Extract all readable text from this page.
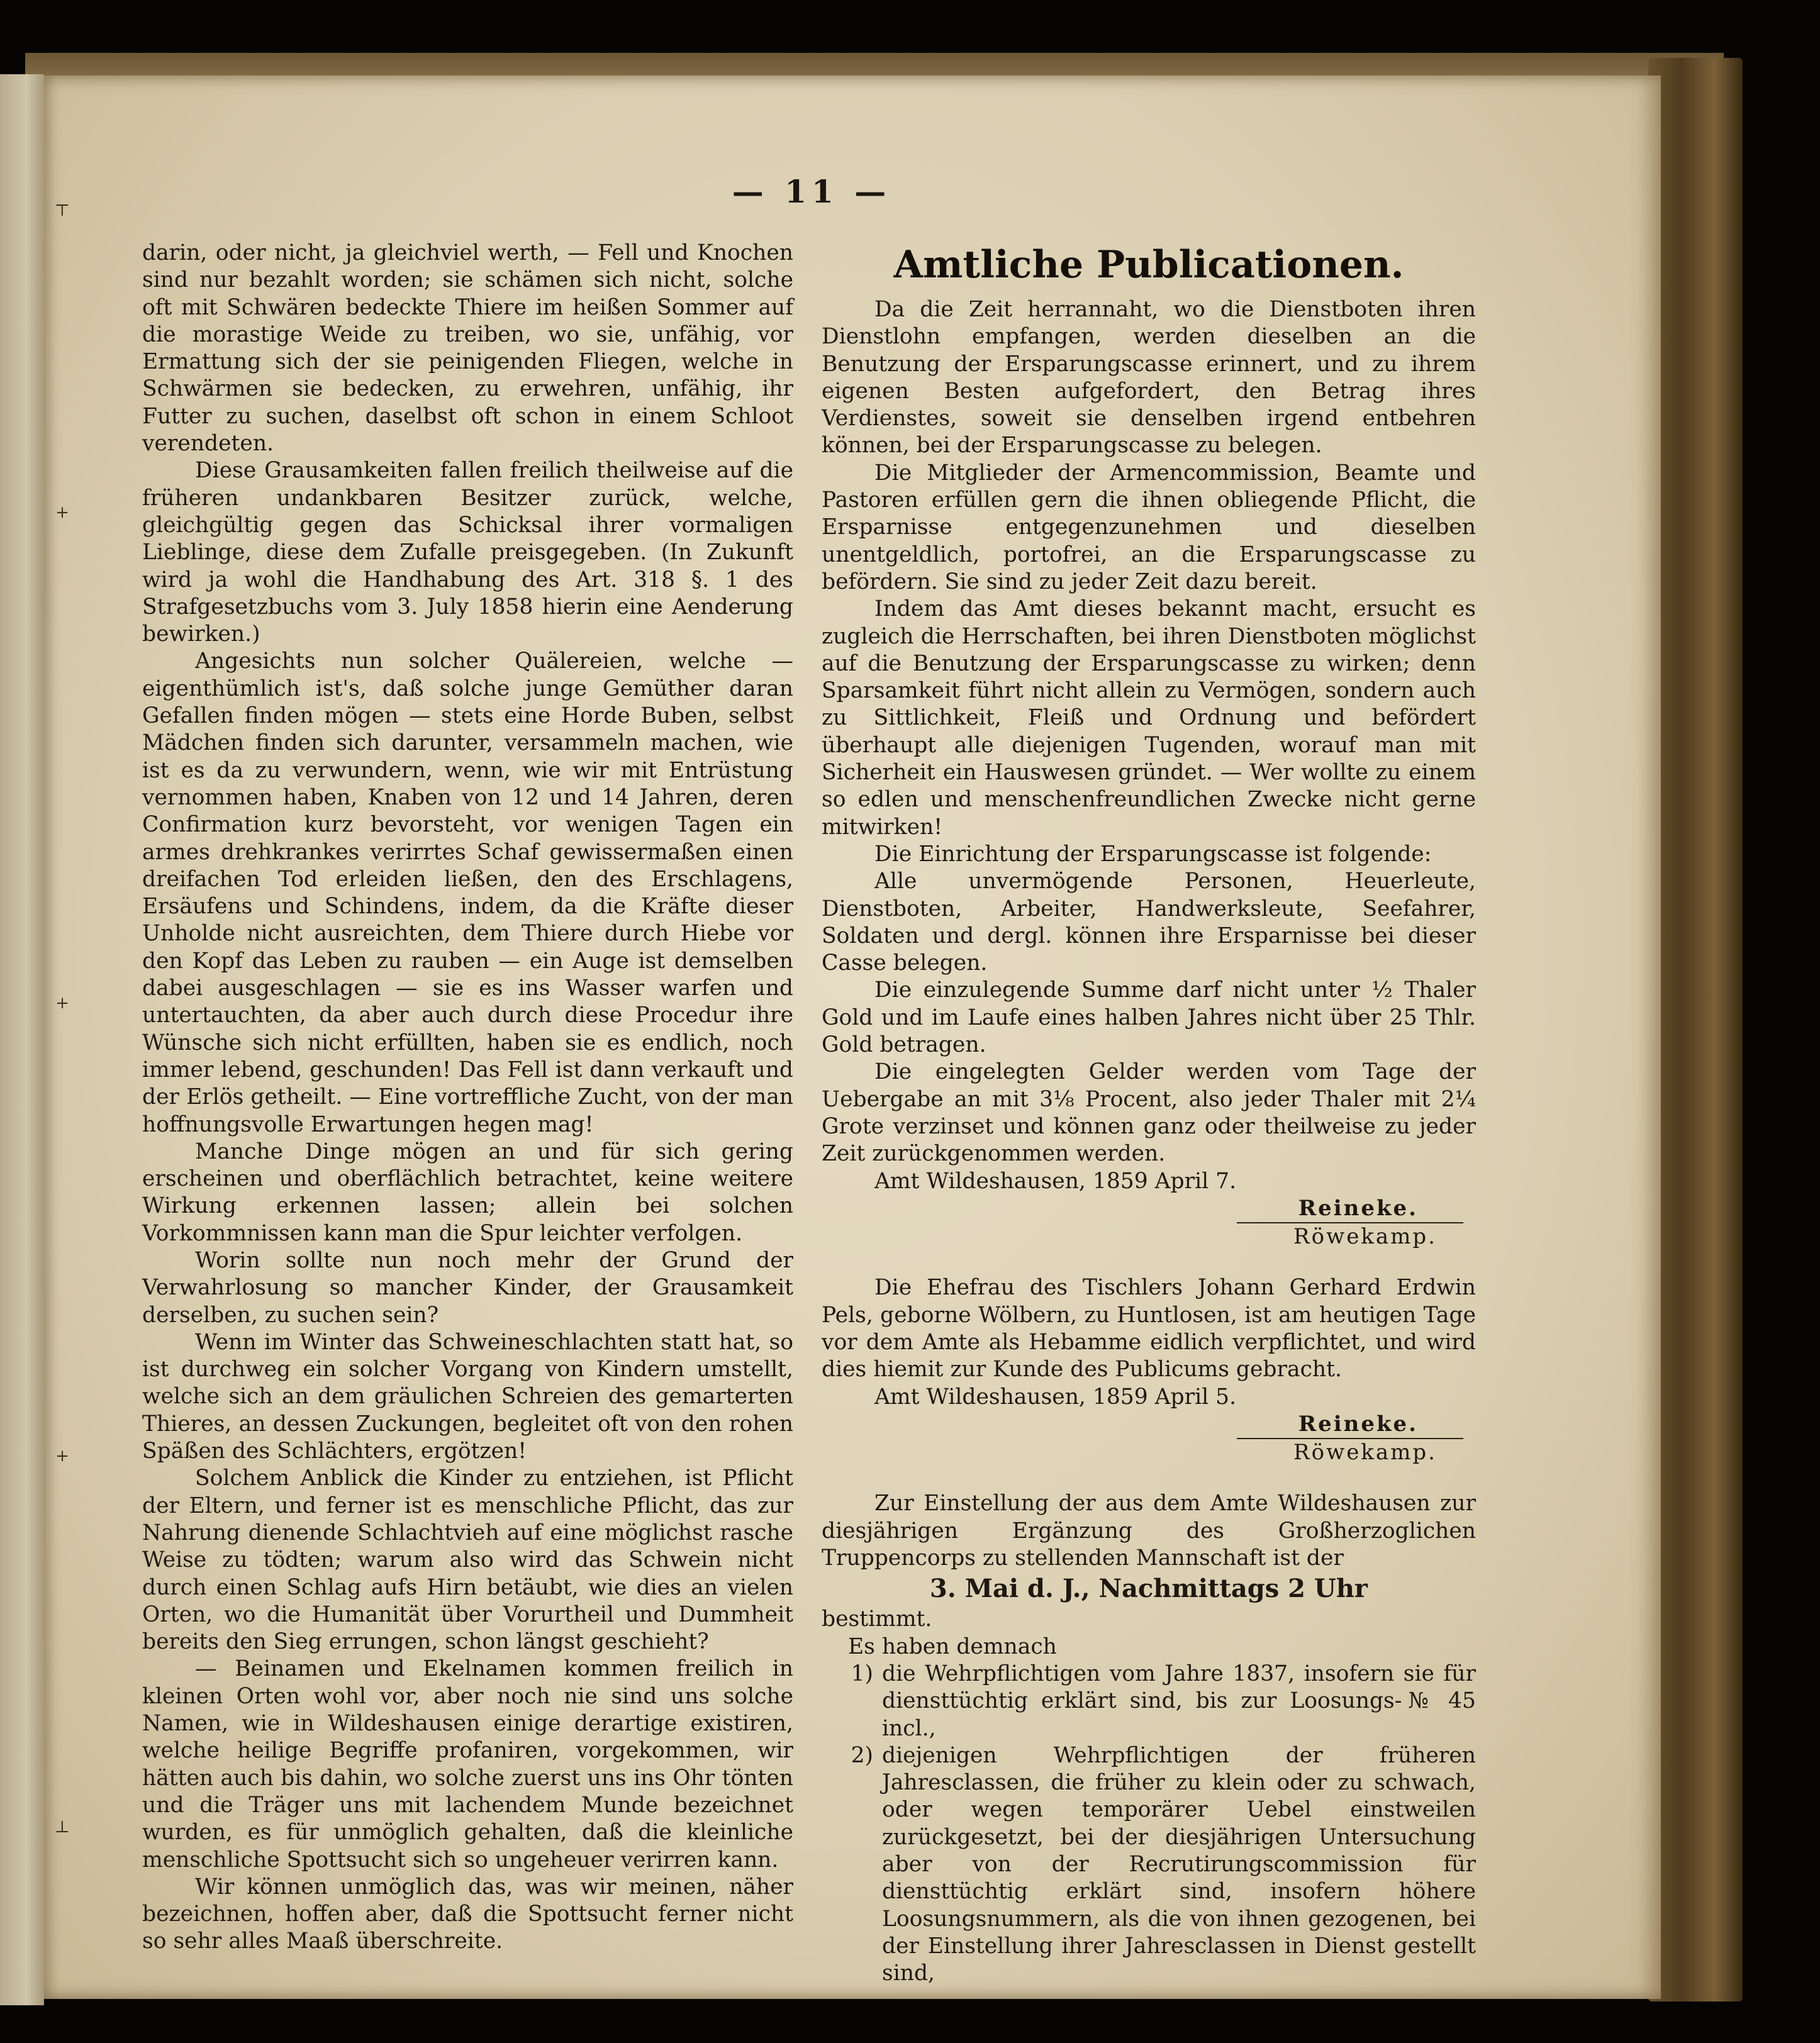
⊤
+
+
+
⊥
— 11 —

darin, oder nicht, ja gleichviel werth, — Fell und Knochen sind nur bezahlt worden; sie schämen sich nicht, solche oft mit Schwären bedeckte Thiere im heißen Sommer auf die morastige Weide zu treiben, wo sie, unfähig, vor Ermattung sich der sie peinigenden Fliegen, welche in Schwärmen sie bedecken, zu erwehren, unfähig, ihr Futter zu suchen, daselbst oft schon in einem Schloot verendeten.

Diese Grausamkeiten fallen freilich theilweise auf die früheren undankbaren Besitzer zurück, welche, gleichgültig gegen das Schicksal ihrer vormaligen Lieblinge, diese dem Zufalle preisgegeben. (In Zukunft wird ja wohl die Handhabung des Art. 318 §. 1 des Strafgesetzbuchs vom 3. July 1858 hierin eine Aenderung bewirken.)

Angesichts nun solcher Quälereien, welche — eigenthümlich ist's, daß solche junge Gemüther daran Gefallen finden mögen — stets eine Horde Buben, selbst Mädchen finden sich darunter, versammeln machen, wie ist es da zu verwundern, wenn, wie wir mit Entrüstung vernommen haben, Knaben von 12 und 14 Jahren, deren Confirmation kurz bevorsteht, vor wenigen Tagen ein armes drehkrankes verirrtes Schaf gewissermaßen einen dreifachen Tod erleiden ließen, den des Erschlagens, Ersäufens und Schindens, indem, da die Kräfte dieser Unholde nicht ausreichten, dem Thiere durch Hiebe vor den Kopf das Leben zu rauben — ein Auge ist demselben dabei ausgeschlagen — sie es ins Wasser warfen und untertauchten, da aber auch durch diese Procedur ihre Wünsche sich nicht erfüllten, haben sie es endlich, noch immer lebend, geschunden! Das Fell ist dann verkauft und der Erlös getheilt. — Eine vortreffliche Zucht, von der man hoffnungsvolle Erwartungen hegen mag!

Manche Dinge mögen an und für sich gering erscheinen und oberflächlich betrachtet, keine weitere Wirkung erkennen lassen; allein bei solchen Vorkommnissen kann man die Spur leichter verfolgen.

Worin sollte nun noch mehr der Grund der Verwahrlosung so mancher Kinder, der Grausamkeit derselben, zu suchen sein?

Wenn im Winter das Schweineschlachten statt hat, so ist durchweg ein solcher Vorgang von Kindern umstellt, welche sich an dem gräulichen Schreien des gemarterten Thieres, an dessen Zuckungen, begleitet oft von den rohen Späßen des Schlächters, ergötzen!

Solchem Anblick die Kinder zu entziehen, ist Pflicht der Eltern, und ferner ist es menschliche Pflicht, das zur Nahrung dienende Schlachtvieh auf eine möglichst rasche Weise zu tödten; warum also wird das Schwein nicht durch einen Schlag aufs Hirn betäubt, wie dies an vielen Orten, wo die Humanität über Vorurtheil und Dummheit bereits den Sieg errungen, schon längst geschieht?

— Beinamen und Ekelnamen kommen freilich in kleinen Orten wohl vor, aber noch nie sind uns solche Namen, wie in Wildeshausen einige derartige existiren, welche heilige Begriffe profaniren, vorgekommen, wir hätten auch bis dahin, wo solche zuerst uns ins Ohr tönten und die Träger uns mit lachendem Munde bezeichnet wurden, es für unmöglich gehalten, daß die kleinliche menschliche Spottsucht sich so ungeheuer verirren kann.

Wir können unmöglich das, was wir meinen, näher bezeichnen, hoffen aber, daß die Spottsucht ferner nicht so sehr alles Maaß überschreite.

Amtliche Publicationen.

Da die Zeit herrannaht, wo die Dienstboten ihren Dienstlohn empfangen, werden dieselben an die Benutzung der Ersparungscasse erinnert, und zu ihrem eigenen Besten aufgefordert, den Betrag ihres Verdienstes, soweit sie denselben irgend entbehren können, bei der Ersparungscasse zu belegen.

Die Mitglieder der Armencommission, Beamte und Pastoren erfüllen gern die ihnen obliegende Pflicht, die Ersparnisse entgegenzunehmen und dieselben unentgeldlich, portofrei, an die Ersparungscasse zu befördern. Sie sind zu jeder Zeit dazu bereit.

Indem das Amt dieses bekannt macht, ersucht es zugleich die Herrschaften, bei ihren Dienstboten möglichst auf die Benutzung der Ersparungscasse zu wirken; denn Sparsamkeit führt nicht allein zu Vermögen, sondern auch zu Sittlichkeit, Fleiß und Ordnung und befördert überhaupt alle diejenigen Tugenden, worauf man mit Sicherheit ein Hauswesen gründet. — Wer wollte zu einem so edlen und menschenfreundlichen Zwecke nicht gerne mitwirken!

Die Einrichtung der Ersparungscasse ist folgende:

Alle unvermögende Personen, Heuerleute, Dienstboten, Arbeiter, Handwerksleute, Seefahrer, Soldaten und dergl. können ihre Ersparnisse bei dieser Casse belegen.

Die einzulegende Summe darf nicht unter ½ Thaler Gold und im Laufe eines halben Jahres nicht über 25 Thlr. Gold betragen.

Die eingelegten Gelder werden vom Tage der Uebergabe an mit 3⅛ Procent, also jeder Thaler mit 2¼ Grote verzinset und können ganz oder theilweise zu jeder Zeit zurückgenommen werden.

Amt Wildeshausen, 1859 April 7.

Reineke.
Röwekamp.

Die Ehefrau des Tischlers Johann Gerhard Erdwin Pels, geborne Wölbern, zu Huntlosen, ist am heutigen Tage vor dem Amte als Hebamme eidlich verpflichtet, und wird dies hiemit zur Kunde des Publicums gebracht.

Amt Wildeshausen, 1859 April 5.

Reineke.
Röwekamp.

Zur Einstellung der aus dem Amte Wildeshausen zur diesjährigen Ergänzung des Großherzoglichen Truppencorps zu stellenden Mannschaft ist der

3. Mai d. J., Nachmittags 2 Uhr

bestimmt.

Es haben demnach

1) die Wehrpflichtigen vom Jahre 1837, insofern sie für diensttüchtig erklärt sind, bis zur Loosungs-№ 45 incl.,
2) diejenigen Wehrpflichtigen der früheren Jahresclassen, die früher zu klein oder zu schwach, oder wegen temporärer Uebel einstweilen zurückgesetzt, bei der diesjährigen Untersuchung aber von der Recrutirungscommission für diensttüchtig erklärt sind, insofern höhere Loosungsnummern, als die von ihnen gezogenen, bei der Einstellung ihrer Jahresclassen in Dienst gestellt sind,
